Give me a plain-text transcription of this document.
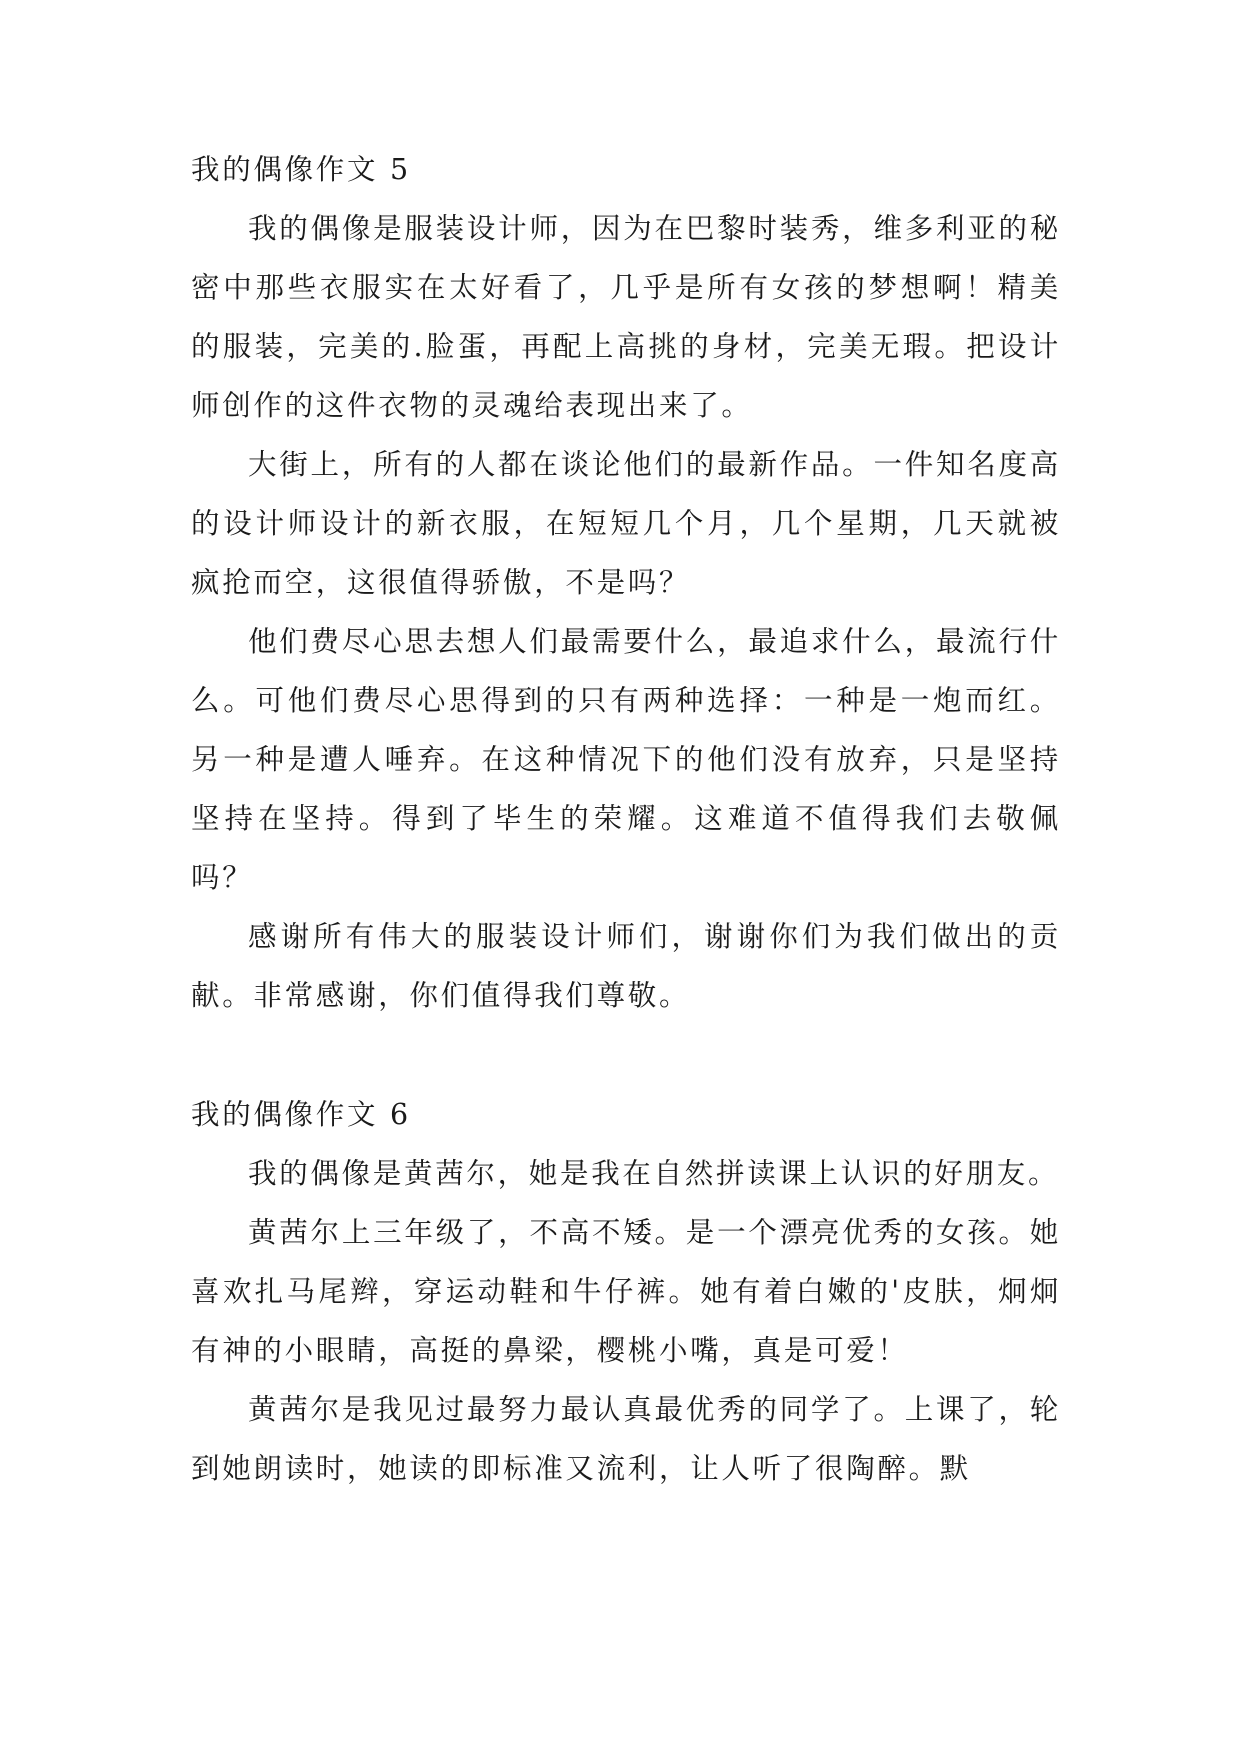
我的偶像作文 5

我的偶像是服装设计师，因为在巴黎时装秀，维多利亚的秘密中那些衣服实在太好看了，几乎是所有女孩的梦想啊！精美的服装，完美的.脸蛋，再配上高挑的身材，完美无瑕。把设计师创作的这件衣物的灵魂给表现出来了。

大街上，所有的人都在谈论他们的最新作品。一件知名度高的设计师设计的新衣服，在短短几个月，几个星期，几天就被疯抢而空，这很值得骄傲，不是吗？

他们费尽心思去想人们最需要什么，最追求什么，最流行什么。可他们费尽心思得到的只有两种选择：一种是一炮而红。另一种是遭人唾弃。在这种情况下的他们没有放弃，只是坚持坚持在坚持。得到了毕生的荣耀。这难道不值得我们去敬佩吗？

感谢所有伟大的服装设计师们，谢谢你们为我们做出的贡献。非常感谢，你们值得我们尊敬。

我的偶像作文 6

我的偶像是黄茜尔，她是我在自然拼读课上认识的好朋友。

黄茜尔上三年级了，不高不矮。是一个漂亮优秀的女孩。她喜欢扎马尾辫，穿运动鞋和牛仔裤。她有着白嫩的'皮肤，炯炯有神的小眼睛，高挺的鼻梁，樱桃小嘴，真是可爱！

黄茜尔是我见过最努力最认真最优秀的同学了。上课了，轮到她朗读时，她读的即标准又流利，让人听了很陶醉。默
